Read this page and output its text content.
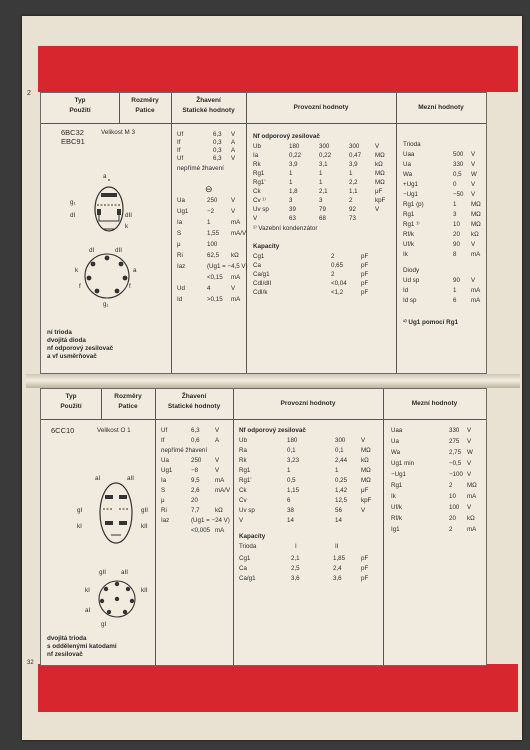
Typ
Použití
Rozměry
Patice
Žhavení
Statické hodnoty	Provozní hodnoty	Mezní hodnoty
2
6BC32
EBC91
Velikost M 3
a
g₁
dI	dII
k
dI	dII
k	a
f	f
g₁
ní trioda
dvojitá dioda
nf odporový zesilovač
a vf usměrňovač
Uf	6,3 V
If	0,3 A
If	0,3 A
Uf	6,3 V
nepřímé žhavení
⊖
Ua	250 V
Ug1	−2	V
Ia	1	mA
S	1,55 mA/V
μ	100
Ri	62,5 kΩ
Iaz	(Ug1 = −4,5 V)
<0,15 mA
Ud	4	V
Id	>0,15 mA
Nf odporový zesilovač
Ub	180	300	300	V
Ia	0,22	0,22	0,47 MΩ
Rk	3,9	3,1	3,9	kΩ
Rg1	1	1	1	MΩ
Rg1'	1	1	2,2	MΩ
Ck	1,8	2,1	1,1	μF
Cv ¹⁾	3	3	2	kpF
Uv sp	39	79	92	V
V	63	68	73
¹⁾ Vazební kondenzátor
Kapacity
Cg1	2	pF
Ca	0,65	pF
Ca/g1	2	pF
CdI/dII	<0,04 pF
CdI/k	<1,2	pF
Trioda
Uaa	500 V
Ua	330 V
Wa	0,5 W
+Ug1	0 V
−Ug1	−50 V
Rg1 (p)	1 MΩ
Rg1	3 MΩ
Rg1 ¹⁾	10 MΩ
Rf/k	20 kΩ
Uf/k	90 V
Ik	8 mA
Diody
Ud sp	90 V
Id	1 mA
Id sp	6 mA
¹⁾ Ug1 pomocí Rg1
Typ
Použití
Rozměry
Patice
Žhavení
Statické hodnoty	Provozní hodnoty	Mezní hodnoty
6CC10	Velikost O 1
aI	aII
gI	gII
kI	kII
gII aII
kI	kII
aI
gI
dvojitá trioda
s oddělenými katodami
nf zesilovač
32
Uf	6,3 V
If	0,6 A
nepřímé žhavení
Ua	250 V
Ug1	−8	V
Ia	9,5 mA
S	2,6 mA/V
μ	20
Ri	7,7 kΩ
Iaz	(Ug1 = −24 V)
<0,005 mA
Nf odporový zesilovač
Ub	180	300	V
Ra	0,1	0,1	MΩ
Rk	3,23	2,44 kΩ
Rg1	1	1	MΩ
Rg1'	0,5	0,25 MΩ
Ck	1,15	1,42 μF
Cv	6	12,5 kpF
Uv sp	38	56	V
V	14	14
Kapacity
Trioda	I	II
Cg1	2,1	1,85	pF
Ca	2,5	2,4	pF
Ca/g1	3,6	3,6	pF
Uaa	330 V
Ua	275 V
Wa	2,75 W
Ug1 min	−0,5 V
−Ug1	−100 V
Rg1	2 MΩ
Ik	10 mA
Uf/k	100 V
Rf/k	20 kΩ
Ig1	2 mA
